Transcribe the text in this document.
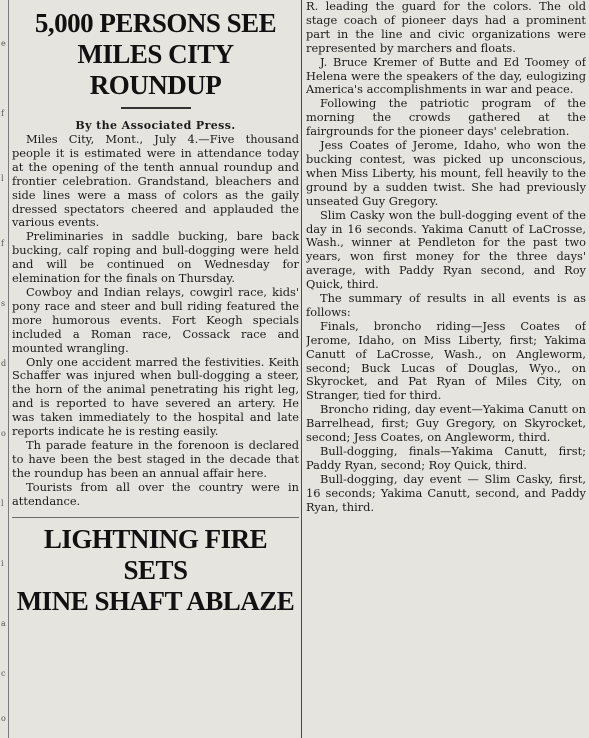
e
f
l
f
s
d
o
l
i
a
c
o
5,000 PERSONS SEE
MILES CITY ROUNDUP

By the Associated Press.

Miles City, Mont., July 4.—Five thousand people it is estimated were in attendance today at the opening of the tenth annual roundup and frontier celebration. Grandstand, bleachers and side lines were a mass of colors as the gaily dressed spectators cheered and applauded the various events.

Preliminaries in saddle bucking, bare back bucking, calf roping and bull-dogging were held and will be continued on Wednesday for elemination for the finals on Thursday.

Cowboy and Indian relays, cowgirl race, kids' pony race and steer and bull riding featured the more humorous events. Fort Keogh specials included a Roman race, Cossack race and mounted wrangling.

Only one accident marred the festivities. Keith Schaffer was injured when bull-dogging a steer, the horn of the animal penetrating his right leg, and is reported to have severed an artery. He was taken immediately to the hospital and late reports indicate he is resting easily.

Th parade feature in the forenoon is declared to have been the best staged in the decade that the roundup has been an annual affair here.

Tourists from all over the country were in attendance.

LIGHTNING FIRE SETS
MINE SHAFT ABLAZE

R. leading the guard for the colors. The old stage coach of pioneer days had a prominent part in the line and civic organizations were represented by marchers and floats.

J. Bruce Kremer of Butte and Ed Toomey of Helena were the speakers of the day, eulogizing America's accomplishments in war and peace.

Following the patriotic program of the morning the crowds gathered at the fairgrounds for the pioneer days' celebration.

Jess Coates of Jerome, Idaho, who won the bucking contest, was picked up unconscious, when Miss Liberty, his mount, fell heavily to the ground by a sudden twist. She had previously unseated Guy Gregory.

Slim Casky won the bull-dogging event of the day in 16 seconds. Yakima Canutt of LaCrosse, Wash., winner at Pendleton for the past two years, won first money for the three days' average, with Paddy Ryan second, and Roy Quick, third.

The summary of results in all events is as follows:

Finals, broncho riding—Jess Coates of Jerome, Idaho, on Miss Liberty, first; Yakima Canutt of LaCrosse, Wash., on Angleworm, second; Buck Lucas of Douglas, Wyo., on Skyrocket, and Pat Ryan of Miles City, on Stranger, tied for third.

Broncho riding, day event—Yakima Canutt on Barrelhead, first; Guy Gregory, on Skyrocket, second; Jess Coates, on Angleworm, third.

Bull-dogging, finals—Yakima Canutt, first; Paddy Ryan, second; Roy Quick, third.

Bull-dogging, day event — Slim Casky, first, 16 seconds; Yakima Canutt, second, and Paddy Ryan, third.
